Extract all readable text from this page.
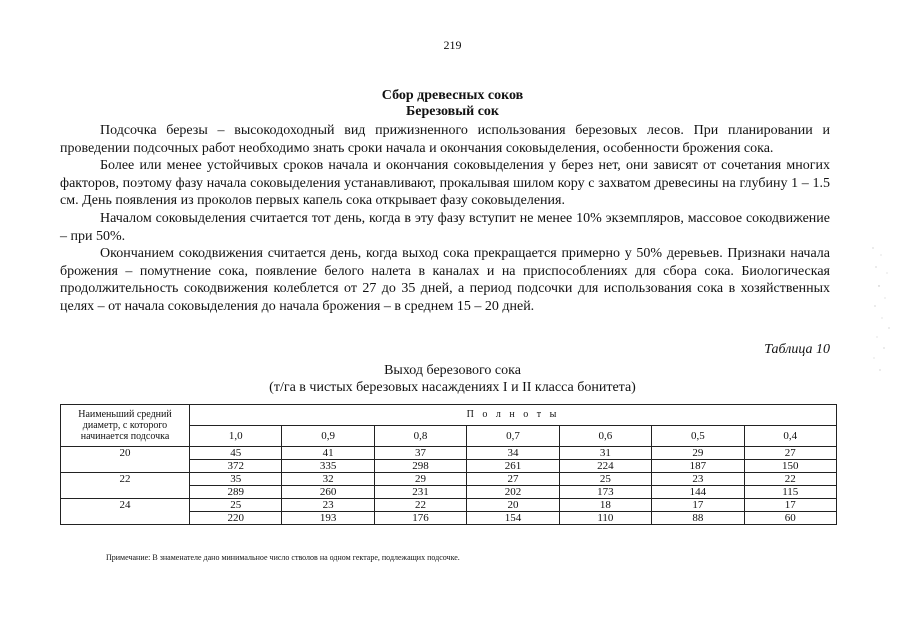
219
Сбор древесных соков
Березовый сок

Подсочка березы – высокодоходный вид прижизненного использования березовых лесов. При планировании и проведении подсочных работ необходимо знать сроки начала и окончания соковыделения, особенности брожения сока.

Более или менее устойчивых сроков начала и окончания соковыделения у берез нет, они зависят от сочетания многих факторов, поэтому фазу начала соковыделения устанавливают, прокалывая шилом кору с захватом древесины на глубину 1 – 1.5 см. День появления из проколов первых капель сока открывает фазу соковыделения.

Началом соковыделения считается тот день, когда в эту фазу вступит не менее 10% экземпляров, массовое сокодвижение – при 50%.

Окончанием сокодвижения считается день, когда выход сока прекращается примерно у 50% деревьев. Признаки начала брожения – помутнение сока, появление белого налета в каналах и на приспособлениях для сбора сока. Биологическая продолжительность сокодвижения колеблется от 27 до 35 дней, а период подсочки для использования сока в хозяйственных целях – от начала соковыделения до начала брожения – в среднем 15 – 20 дней.

Таблица 10
Выход березового сока
(т/га в чистых березовых насаждениях I и II класса бонитета)
Наименьший средний диаметр, с которого начинается подсочка	П о л н о т ы						
	1,0	0,9	0,8	0,7	0,6	0,5	0,4
20	45	41	37	34	31	29	27
	372	335	298	261	224	187	150
22	35	32	29	27	25	23	22
	289	260	231	202	173	144	115
24	25	23	22	20	18	17	17
	220	193	176	154	110	88	60
Примечание: В знаменателе дано минимальное число стволов на одном гектаре, подлежащих подсочке.
